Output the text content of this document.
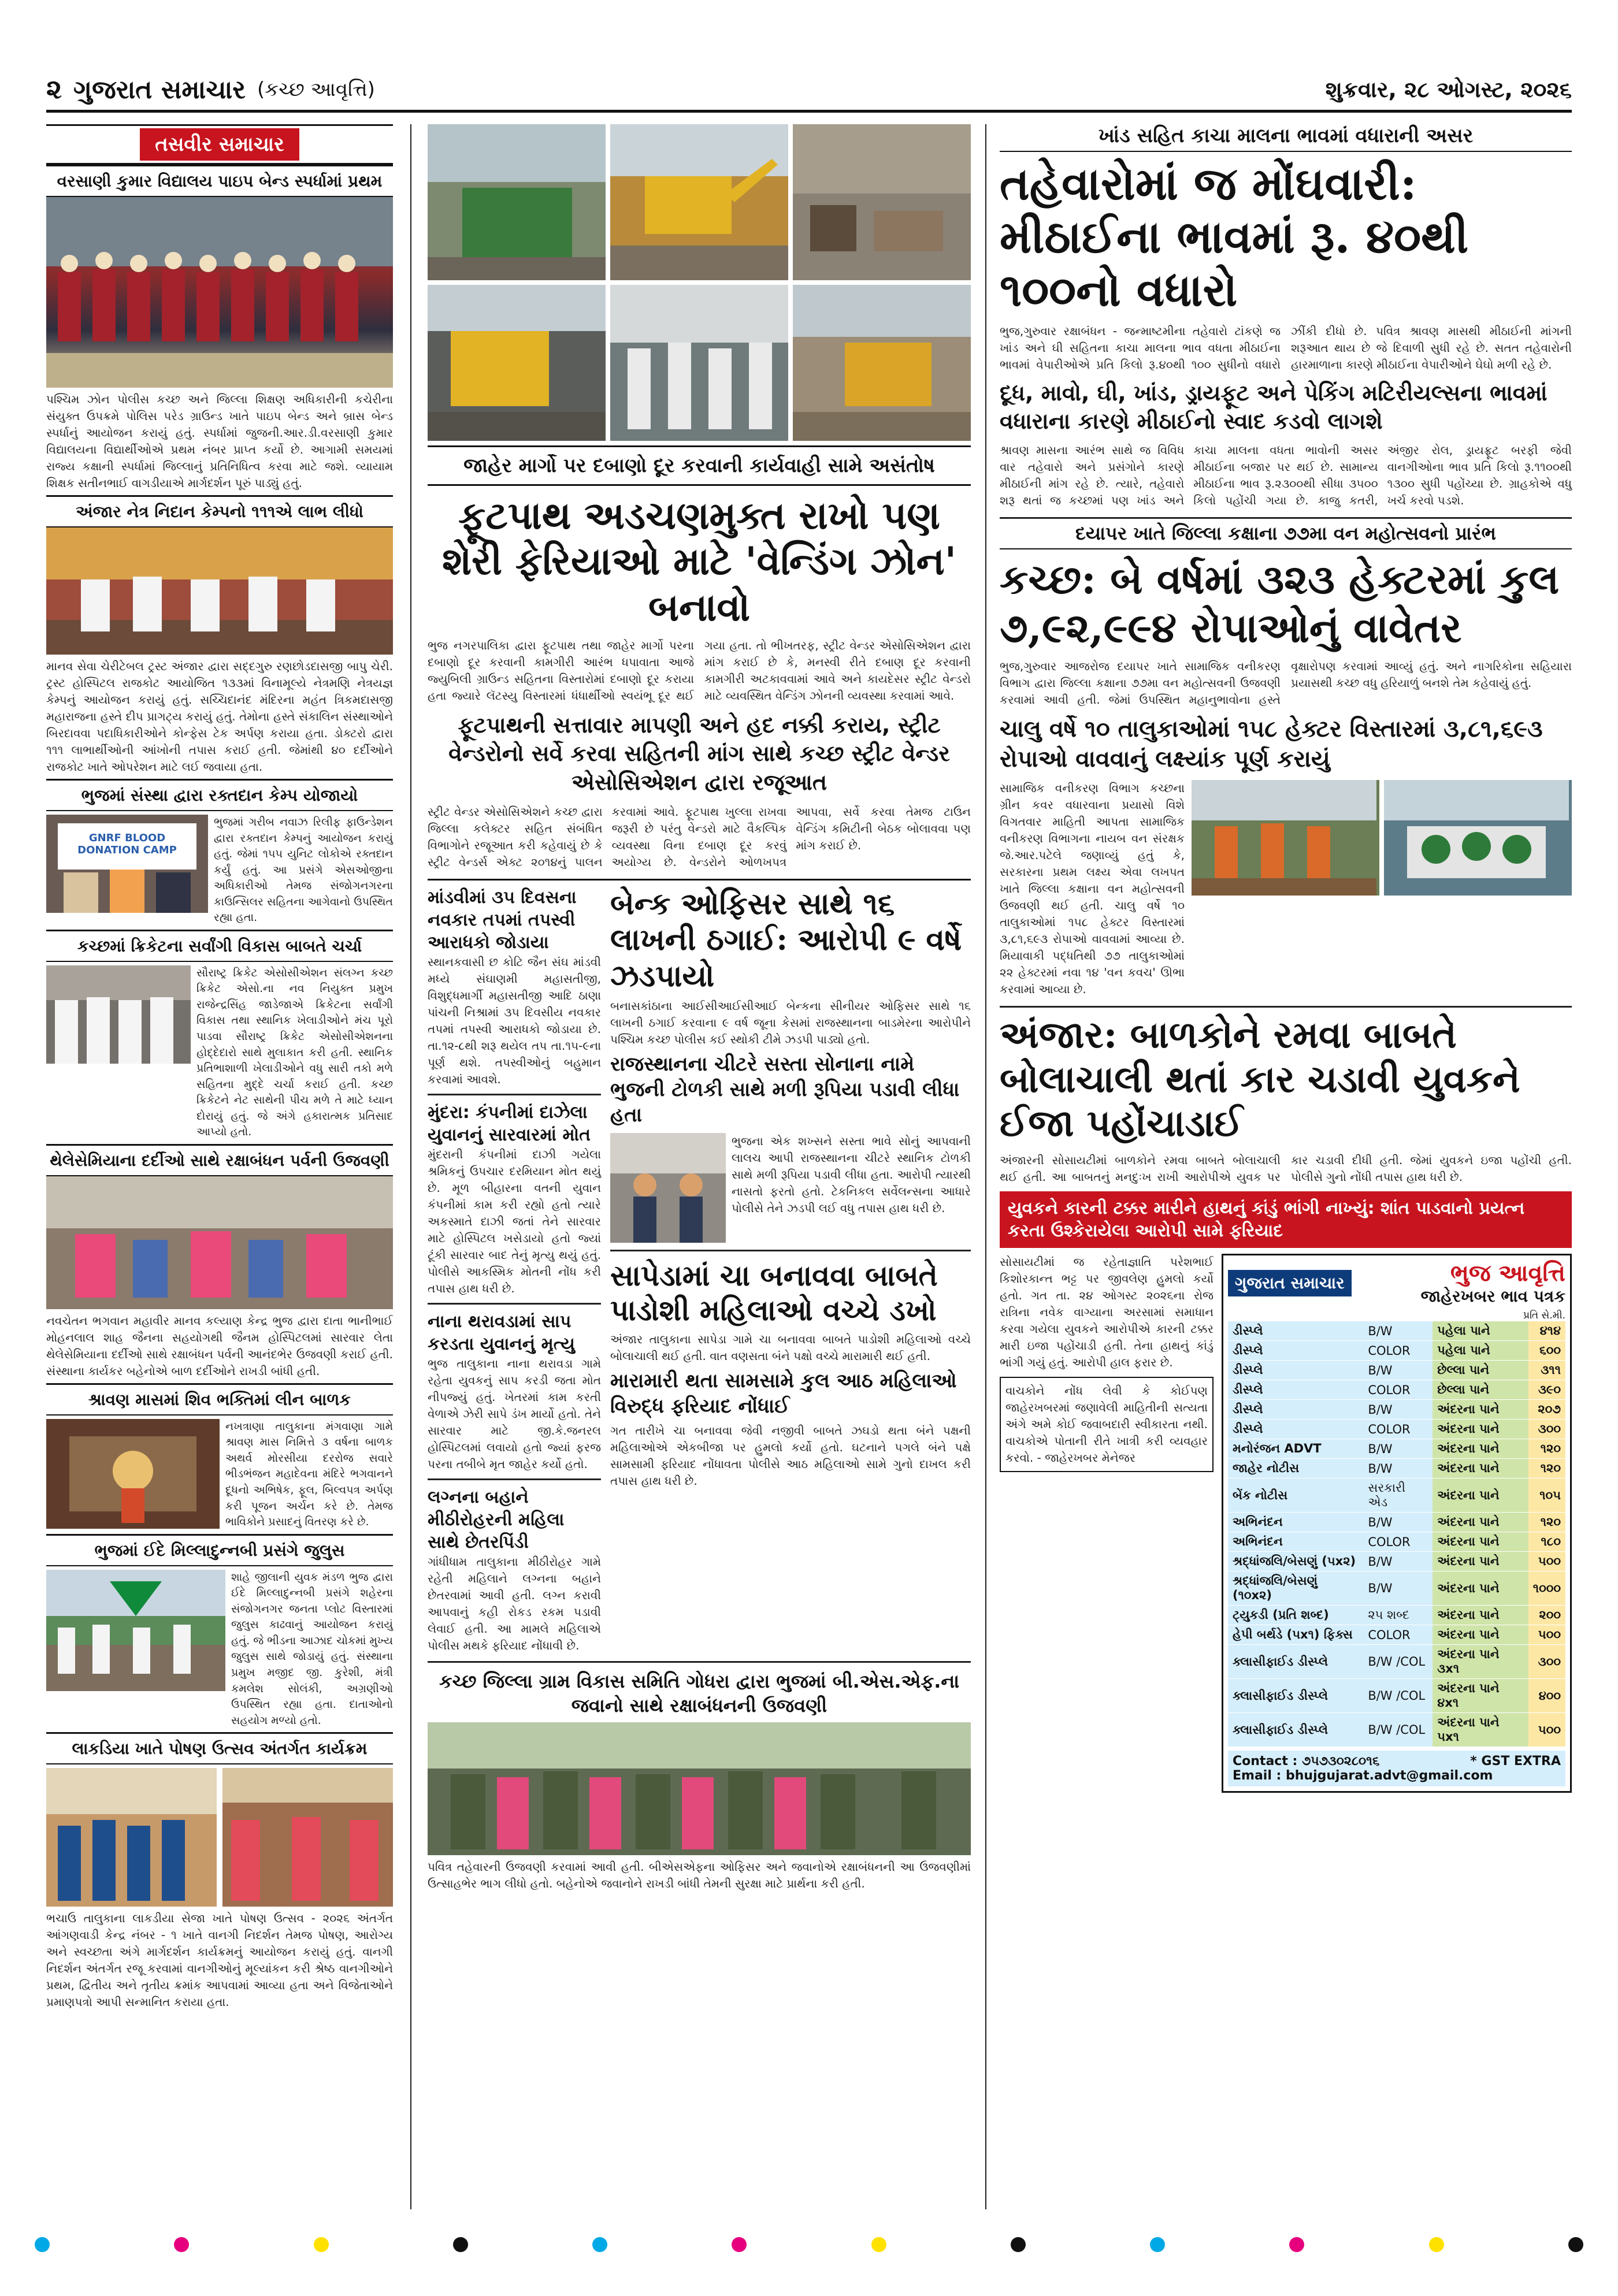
૨ ગુજરાત સમાચાર (કચ્છ આવૃત્તિ)	શુક્રવાર, ૨૮ ઓગસ્ટ, ૨૦૨૬
તસવીર સમાચાર
વરસાણી કુમાર વિદ્યાલય પાઇપ બેન્ડ સ્પર્ધામાં પ્રથમ
પશ્ચિમ ઝોન પોલીસ કચ્છ અને જિલ્લા શિક્ષણ અધિકારીની કચેરીના સંયુક્ત ઉપક્રમે પોલિસ પરેડ ગ્રાઉન્ડ ખાતે પાઇપ બેન્ડ અને બ્રાસ બેન્ડ સ્પર્ધાનું આયોજન કરાયું હતું. સ્પર્ધામાં જુજની.આર.ડી.વરસાણી કુમાર વિદ્યાલયના વિદ્યાર્થીઓએ પ્રથમ નંબર પ્રાપ્ત કર્યો છે. આગામી સમયમાં રાજ્ય કક્ષાની સ્પર્ધામાં જિલ્લાનું પ્રતિનિધિત્વ કરવા માટે જશે. વ્યાયામ શિક્ષક સતીનભાઈ વાગડીયાએ માર્ગદર્શન પૂરું પાડ્યું હતું.
અંજાર નેત્ર નિદાન કેમ્પનો ૧૧૧એ લાભ લીધો
માનવ સેવા ચેરીટેબલ ટ્રસ્ટ અંજાર દ્વારા સદ્દગુરુ રણછોડદાસજી બાપુ ચેરી. ટ્રસ્ટ હોસ્પિટલ રાજકોટ આયોજિત ૧૩૩માં વિનામૂલ્યે નેત્રમણિ નેત્રયજ્ઞ કેમ્પનું આયોજન કરાયું હતું. સચ્ચિદાનંદ મંદિરના મહંત ત્રિકમદાસજી મહારાજના હસ્તે દીપ પ્રાગટ્ય કરાયું હતું. તેમોના હસ્તે સંકાલિન સંસ્થાઓને બિરદાવવા પદાધિકારીઓને કોન્ફેસ ટેક અર્પણ કરાયા હતા. ડોક્ટરો દ્વારા ૧૧૧ લાભાર્થીઓની આંખોની તપાસ કરાઈ હતી. જેમાંથી ૪૦ દર્દીઓને રાજકોટ ખાતે ઓપરેશન માટે લઈ જવાયા હતા.
ભુજમાં સંસ્થા દ્વારા રક્તદાન કેમ્પ યોજાયો
GNRF BLOOD DONATION CAMP
ભુજમાં ગરીબ નવાઝ રિલીફ ફાઉન્ડેશન દ્વારા રક્તદાન કેમ્પનું આયોજન કરાયું હતું. જેમાં ૧૫૫ યુનિટ લોકોએ રક્તદાન કર્યું હતું. આ પ્રસંગે એસઓજીના અધિકારીઓ તેમજ સંજોગનગરના કાઉન્સિલર સહિતના આગેવાનો ઉપસ્થિત રહ્યા હતા.
કચ્છમાં ક્રિકેટના સર્વાંગી વિકાસ બાબતે ચર્ચા
સૌરાષ્ટ્ર ક્રિકેટ એસોસીએશન સંલગ્ન કચ્છ ક્રિકેટ એસો.ના નવ નિયુક્ત પ્રમુખ રાજેન્દ્રસિંહ જાડેજાએ ક્રિકેટના સર્વાંગી વિકાસ તથા સ્થાનિક ખેલાડીઓને મંચ પૂરો પાડવા સૌરાષ્ટ્ર ક્રિકેટ એસોસીએશનના હોદ્દેદારો સાથે મુલાકાત કરી હતી. સ્થાનિક પ્રતિભાશાળી ખેલાડીઓને વધુ સારી તકો મળે સહિતના મુદ્દે ચર્ચા કરાઈ હતી. કચ્છ ક્રિકેટને નેટ સાથેની પીચ મળે તે માટે ધ્યાન દોરાયું હતું. જે અંગે હકારાત્મક પ્રતિસાદ આપ્યો હતો.
થેલેસેમિયાના દર્દીઓ સાથે રક્ષાબંધન પર્વની ઉજવણી
નવચેતન ભગવાન મહાવીર માનવ કલ્યાણ કેન્દ્ર ભુજ દ્વારા દાતા ભાનીભાઈ મોહનલાલ શાહ જૈનના સહયોગથી જૈનમ હોસ્પિટલમાં સારવાર લેતા થેલેસેમિયાના દર્દીઓ સાથે રક્ષાબંધન પર્વની આનંદભેર ઉજવણી કરાઈ હતી. સંસ્થાના કાર્યકર બહેનોએ બાળ દર્દીઓને રાખડી બાંધી હતી.
શ્રાવણ માસમાં શિવ ભક્તિમાં લીન બાળક
નખત્રાણા તાલુકાના મંગવાણા ગામે શ્રાવણ માસ નિમિત્તે ૩ વર્ષના બાળક અથર્વ મોરસીયા દરરોજ સવારે ભીડભંજન મહાદેવના મંદિરે ભગવાનને દૂધનો અભિષેક, ફૂલ, બિલ્વપત્ર અર્પણ કરી પૂજન અર્ચન કરે છે. તેમજ ભાવિકોને પ્રસાદનું વિતરણ કરે છે.
ભુજમાં ઈદે મિલ્લાદુન્નબી પ્રસંગે જુલુસ
શાહે જીલાની યુવક મંડળ ભુજ દ્વારા ઈદે મિલ્લાદુન્નબી પ્રસંગે શહેરના સંજોગનગર જનતા પ્લોટ વિસ્તારમાં જુલુસ કાઢવાનું આયોજન કરાયું હતું. જે ભીડના આઝાદ ચોકમાં મુખ્ય જુલુસ સાથે જોડાયું હતું. સંસ્થાના પ્રમુખ મજીદ જી. કુરેશી, મંત્રી કમલેશ સોલંકી, અગ્રણીઓ ઉપસ્થિત રહ્યા હતા. દાતાઓનો સહયોગ મળ્યો હતો.
લાકડિયા ખાતે પોષણ ઉત્સવ અંતર્ગત કાર્યક્રમ
ભચાઉ તાલુકાના લાકડીયા સેજા ખાતે પોષણ ઉત્સવ - ૨૦૨૬ અંતર્ગત આંગણવાડી કેન્દ્ર નંબર - ૧ ખાતે વાનગી નિદર્શન તેમજ પોષણ, આરોગ્ય અને સ્વચ્છતા અંગે માર્ગદર્શન કાર્યક્રમનું આયોજન કરાયું હતું. વાનગી નિદર્શન અંતર્ગત રજૂ કરવામાં વાનગીઓનું મૂલ્યાંકન કરી શ્રેષ્ઠ વાનગીઓને પ્રથમ, દ્વિતીય અને તૃતીય ક્રમાંક આપવામાં આવ્યા હતા અને વિજેતાઓને પ્રમાણપત્રો આપી સન્માનિત કરાયા હતા.
જાહેર માર્ગો પર દબાણો દૂર કરવાની કાર્યવાહી સામે અસંતોષ
ફૂટપાથ અડચણમુક્ત રાખો પણ શેરી ફેરિયાઓ માટે 'વેન્ડિંગ ઝોન' બનાવો
ભુજ નગરપાલિકા દ્વારા ફૂટપાથ તથા જાહેર માર્ગો પરના દબાણો દૂર કરવાની કામગીરી આરંભ ધપાવાતા આજે જ્યુબિલી ગ્રાઉન્ડ સહિતના વિસ્તારોમાં દબાણો દૂર કરાયા હતા જ્યારે લૅટસ્યુ વિસ્તારમાં ધંધાર્થીઓ સ્વયંભૂ દૂર થઈ ગયા હતા. તો ભીખતરફ, સ્ટ્રીટ વેન્ડર એસોસિએશન દ્વારા માંગ કરાઈ છે કે, મનસ્વી રીતે દબાણ દૂર કરવાની કામગીરી અટકાવવામાં આવે અને કાયદેસર સ્ટ્રીટ વેન્ડરો માટે વ્યવસ્થિત વેન્ડિંગ ઝોનની વ્યવસ્થા કરવામાં આવે.
ફૂટપાથની સત્તાવાર માપણી અને હદ નક્કી કરાય, સ્ટ્રીટ વેન્ડરોનો સર્વે કરવા સહિતની માંગ સાથે કચ્છ સ્ટ્રીટ વેન્ડર એસોસિએશન દ્વારા રજૂઆત
સ્ટ્રીટ વેન્ડર એસોસિએશને કચ્છ દ્વારા જિલ્લા કલેક્ટર સહિત સંબંધિત વિભાગોને રજૂઆત કરી કહેવાયું છે કે સ્ટ્રીટ વેન્ડર્સ એક્ટ ૨૦૧૪નું પાલન કરવામાં આવે. ફૂટપાથ ખુલ્લા રાખવા જરૂરી છે પરંતુ વેન્ડરો માટે વૈકલ્પિક વ્યવસ્થા વિના દબાણ દૂર કરવું અયોગ્ય છે. વેન્ડરોને ઓળખપત્ર આપવા, સર્વે કરવા તેમજ ટાઉન વેન્ડિંગ કમિટીની બેઠક બોલાવવા પણ માંગ કરાઈ છે.
માંડવીમાં ૩૫ દિવસના નવકાર તપમાં તપસ્વી આરાધકો જોડાયા
સ્થાનકવાસી છ કોટિ જૈન સંઘ માંડવી મધ્યે સંઘાણમી મહાસતીજી, વિશુદ્ધમાર્ગી મહાસતીજી આદિ ઠાણા પાંચની નિશ્રામાં ૩૫ દિવસીય નવકાર તપમાં તપસ્વી આરાધકો જોડાયા છે. તા.૧૨-૮થી શરૂ થયેલ તપ તા.૧૫-૯ના પૂર્ણ થશે. તપસ્વીઓનું બહુમાન કરવામાં આવશે.
મુંદરા: કંપનીમાં દાઝેલા યુવાનનું સારવારમાં મોત
મુંદરાની કંપનીમાં દાઝી ગયેલા શ્રમિકનું ઉપચાર દરમિયાન મોત થયું છે. મૂળ બીહારના વતની યુવાન કંપનીમાં કામ કરી રહ્યો હતો ત્યારે અકસ્માતે દાઝી જતાં તેને સારવાર માટે હોસ્પિટલ ખસેડાયો હતો જ્યાં ટૂંકી સારવાર બાદ તેનું મૃત્યુ થયું હતું. પોલીસે આકસ્મિક મોતની નોંધ કરી તપાસ હાથ ધરી છે.
નાના થરાવડામાં સાપ કરડતા યુવાનનું મૃત્યુ
ભુજ તાલુકાના નાના થરાવડા ગામે રહેતા યુવકનું સાપ કરડી જતા મોત નીપજ્યું હતું. ખેતરમાં કામ કરતી વેળાએ ઝેરી સાપે ડંખ માર્યો હતો. તેને સારવાર માટે જી.કે.જનરલ હોસ્પિટલમાં લવાયો હતો જ્યાં ફરજ પરના તબીબે મૃત જાહેર કર્યો હતો.
લગ્નના બહાને મીઠીરોહરની મહિલા સાથે છેતરપિંડી
ગાંધીધામ તાલુકાના મીઠીરોહર ગામે રહેતી મહિલાને લગ્નના બહાને છેતરવામાં આવી હતી. લગ્ન કરાવી આપવાનું કહી રોકડ રકમ પડાવી લેવાઈ હતી. આ મામલે મહિલાએ પોલીસ મથકે ફરિયાદ નોંધાવી છે.
બેન્ક ઓફિસર સાથે ૧૬ લાખની ઠગાઈ: આરોપી ૯ વર્ષે ઝડપાયો
બનાસકાંઠાના આઈસીઆઈસીઆઈ બેન્કના સીનીયર ઓફિસર સાથે ૧૬ લાખની ઠગાઈ કરવાના ૯ વર્ષ જૂના કેસમાં રાજસ્થાનના બાડમેરના આરોપીને પશ્ચિમ કચ્છ પોલીસ કઈ સ્થોકી ટીમે ઝડપી પાડ્યો હતો.
રાજસ્થાનના ચીટરે સસ્તા સોનાના નામે ભુજની ટોળકી સાથે મળી રૂપિયા પડાવી લીધા હતા
ભુજના એક શખ્સને સસ્તા ભાવે સોનું આપવાની લાલચ આપી રાજસ્થાનના ચીટરે સ્થાનિક ટોળકી સાથે મળી રૂપિયા પડાવી લીધા હતા. આરોપી ત્યારથી નાસતો ફરતો હતો. ટેકનિકલ સર્વેલન્સના આધારે પોલીસે તેને ઝડપી લઈ વધુ તપાસ હાથ ધરી છે.
સાપેડામાં ચા બનાવવા બાબતે પાડોશી મહિલાઓ વચ્ચે ડખો
અંજાર તાલુકાના સાપેડા ગામે ચા બનાવવા બાબતે પાડોશી મહિલાઓ વચ્ચે બોલાચાલી થઈ હતી. વાત વણસતા બંને પક્ષો વચ્ચે મારામારી થઈ હતી.
મારામારી થતા સામસામે કુલ આઠ મહિલાઓ વિરુદ્ધ ફરિયાદ નોંધાઈ
ગત તારીખે ચા બનાવવા જેવી નજીવી બાબતે ઝઘડો થતા બંને પક્ષની મહિલાઓએ એકબીજા પર હુમલો કર્યો હતો. ઘટનાને પગલે બંને પક્ષે સામસામી ફરિયાદ નોંધાવતા પોલીસે આઠ મહિલાઓ સામે ગુનો દાખલ કરી તપાસ હાથ ધરી છે.
કચ્છ જિલ્લા ગ્રામ વિકાસ સમિતિ ગોધરા દ્વારા ભુજમાં બી.એસ.એફ.ના જવાનો સાથે રક્ષાબંધનની ઉજવણી
પવિત્ર તહેવારની ઉજવણી કરવામાં આવી હતી. બીએસએફના ઓફિસર અને જવાનોએ રક્ષાબંધનની આ ઉજવણીમાં ઉત્સાહભેર ભાગ લીધો હતો. બહેનોએ જવાનોને રાખડી બાંધી તેમની સુરક્ષા માટે પ્રાર્થના કરી હતી.
ખાંડ સહિત કાચા માલના ભાવમાં વધારાની અસર
તહેવારોમાં જ મોંઘવારી: મીઠાઈના ભાવમાં રૂ. ૪૦થી ૧૦૦નો વધારો
ભુજ,ગુરુવાર રક્ષાબંધન - જન્માષ્ટમીના તહેવારો ટાંકણે જ ખાંડ અને ઘી સહિતના કાચા માલના ભાવ વધતા મીઠાઈના ભાવમાં વેપારીઓએ પ્રતિ કિલો રૂ.૪૦થી ૧૦૦ સુધીનો વધારો ઝીંકી દીધો છે. પવિત્ર શ્રાવણ માસથી મીઠાઈની માંગની શરૂઆત થાય છે જે દિવાળી સુધી રહે છે. સતત તહેવારોની હારમાળાના કારણે મીઠાઈના વેપારીઓને ઘેઘો મળી રહે છે.
દૂધ, માવો, ઘી, ખાંડ, ડ્રાયફૂટ અને પેકિંગ મટિરીયલ્સના ભાવમાં વધારાના કારણે મીઠાઈનો સ્વાદ કડવો લાગશે
શ્રાવણ માસના આરંભ સાથે જ વિવિધ વાર તહેવારો અને પ્રસંગોને કારણે મીઠાઈની માંગ રહે છે. ત્યારે, તહેવારો શરૂ થતાં જ કચ્છમાં પણ ખાંડ અને કાચા માલના વધતા ભાવોની અસર મીઠાઈના બજાર પર થઈ છે. સામાન્ય મીઠાઈના ભાવ રૂ.૨૩૦૦થી સીધા ૩૫૦૦ કિલો પહોંચી ગયા છે. કાજુ કતરી, અંજીર રોલ, ડ્રાયફ્રૂટ બરફી જેવી વાનગીઓના ભાવ પ્રતિ કિલો રૂ.૧૧૦૦થી ૧૩૦૦ સુધી પહોંચ્યા છે. ગ્રાહકોએ વધુ ખર્ચ કરવો પડશે.
દયાપર ખાતે જિલ્લા કક્ષાના ૭૭મા વન મહોત્સવનો પ્રારંભ
કચ્છ: બે વર્ષમાં ૩૨૩ હેક્ટરમાં કુલ ૭,૯૨,૯૯૪ રોપાઓનું વાવેતર
ભુજ,ગુરુવાર આજરોજ દયાપર ખાતે સામાજિક વનીકરણ વિભાગ દ્વારા જિલ્લા કક્ષાના ૭૭મા વન મહોત્સવની ઉજવણી કરવામાં આવી હતી. જેમાં ઉપસ્થિત મહાનુભાવોના હસ્તે વૃક્ષારોપણ કરવામાં આવ્યું હતું. અને નાગરિકોના સહિયારા પ્રયાસથી કચ્છ વધુ હરિયાળું બનશે તેમ કહેવાયું હતું.
ચાલુ વર્ષે ૧૦ તાલુકાઓમાં ૧૫૮ હેક્ટર વિસ્તારમાં ૩,૮૧,૬૯૩ રોપાઓ વાવવાનું લક્ષ્યાંક પૂર્ણ કરાયું
સામાજિક વનીકરણ વિભાગ કચ્છના ગ્રીન કવર વધારવાના પ્રયાસો વિશે વિગતવાર માહિતી આપતા સામાજિક વનીકરણ વિભાગના નાયબ વન સંરક્ષક જે.આર.પટેલે જણાવ્યું હતું કે, સરકારના પ્રથમ લક્ષ્ય એવા લખપત ખાતે જિલ્લા કક્ષાના વન મહોત્સવની ઉજવણી થઈ હતી. ચાલુ વર્ષે ૧૦ તાલુકાઓમાં ૧૫૮ હેક્ટર વિસ્તારમાં ૩,૮૧,૬૯૩ રોપાઓ વાવવામાં આવ્યા છે. મિયાવાકી પદ્ધતિથી ૭૭ તાલુકાઓમાં ૨૨ હેક્ટરમાં નવા ૧૪ 'વન કવચ' ઊભા કરવામાં આવ્યા છે.
અંજાર: બાળકોને રમવા બાબતે બોલાચાલી થતાં કાર ચડાવી યુવકને ઈજા પહોંચાડાઈ
અંજારની સોસાયટીમાં બાળકોને રમવા બાબતે બોલાચાલી થઈ હતી. આ બાબતનું મનદુઃખ રાખી આરોપીએ યુવક પર કાર ચડાવી દીધી હતી. જેમાં યુવકને ઇજા પહોંચી હતી. પોલીસે ગુનો નોંધી તપાસ હાથ ધરી છે.
યુવકને કારની ટક્કર મારીને હાથનું કાંડું ભાંગી નાખ્યું: શાંત પાડવાનો પ્રયત્ન કરતા ઉશ્કેરાયેલા આરોપી સામે ફરિયાદ
સોસાયટીમાં જ રહેતાજ્ઞાતિ પરેશભાઈ કિશોરકાન્ત ભટ્ટ પર જીવલેણ હુમલો કર્યો હતો. ગત તા. ૨૪ ઓગસ્ટ ૨૦૨૬ના રોજ રાત્રિના નવેક વાગ્યાના અરસામાં સમાધાન કરવા ગયેલા યુવકને આરોપીએ કારની ટક્કર મારી ઇજા પહોંચાડી હતી. તેના હાથનું કાંડું ભાંગી ગયું હતું. આરોપી હાલ ફરાર છે.
વાચકોને નોંધ લેવી કે કોઈપણ જાહેરખબરમાં જણાવેલી માહિતીની સત્યતા અંગે અમે કોઈ જવાબદારી સ્વીકારતા નથી. વાચકોએ પોતાની રીતે ખાત્રી કરી વ્યવહાર કરવો. - જાહેરખબર મેનેજર
ગુજરાત સમાચાર	ભુજ આવૃત્તિ
જાહેરખબર ભાવ પત્રક
પ્રતિ સે.મી.
ડીસ્પ્લે	B/W	પહેલા પાને	૪૧૪
ડીસ્પ્લે	COLOR	પહેલા પાને	૬૦૦
ડીસ્પ્લે	B/W	છેલ્લા પાને	૩૧૧
ડીસ્પ્લે	COLOR	છેલ્લા પાને	૩૯૦
ડીસ્પ્લે	B/W	અંદરના પાને	૨૦૭
ડીસ્પ્લે	COLOR	અંદરના પાને	૩૦૦
મનોરંજન ADVT	B/W	અંદરના પાને	૧૨૦
જાહેર નોટીસ	B/W	અંદરના પાને	૧૨૦
બેંક નોટીસ	સરકારી એડ	અંદરના પાને	૧૦૫
અભિનંદન	B/W	અંદરના પાને	૧૨૦
અભિનંદન	COLOR	અંદરના પાને	૧૮૦
શ્રદ્ધાંજલિ/બેસણું (૫x૨)	B/W	અંદરના પાને	૫૦૦
શ્રદ્ધાંજલિ/બેસણું (૧૦x૨)	B/W	અંદરના પાને	૧૦૦૦
ટ્યુકડી (પ્રતિ શબ્દ)	૨૫ શબ્દ	અંદરના પાને	૨૦૦
હેપી બર્થડે (૫x૧) ફિક્સ	COLOR	અંદરના પાને	૫૦૦
ક્લાસીફાઈડ ડીસ્પ્લે	B/W /COL	અંદરના પાને ૩x૧	૩૦૦
ક્લાસીફાઈડ ડીસ્પ્લે	B/W /COL	અંદરના પાને ૪x૧	૪૦૦
ક્લાસીફાઈડ ડીસ્પ્લે	B/W /COL	અંદરના પાને ૫x૧	૫૦૦
Contact : ૭૫૭૩૦૨૮૦૧૬	* GST EXTRA

Email : bhujgujarat.advt@gmail.com
